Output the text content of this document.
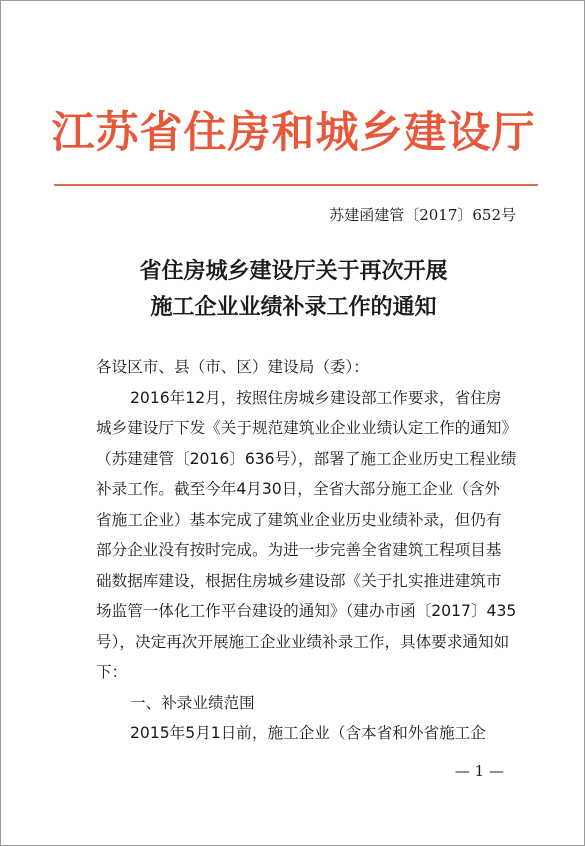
江苏省住房和城乡建设厅
苏建函建管〔2017〕652号
省住房城乡建设厅关于再次开展
施工企业业绩补录工作的通知
各设区市、县（市、区）建设局（委）：
2016年12月，按照住房城乡建设部工作要求，省住房
城乡建设厅下发《关于规范建筑业企业业绩认定工作的通知》
（苏建建管〔2016〕636号），部署了施工企业历史工程业绩
补录工作。截至今年4月30日，全省大部分施工企业（含外
省施工企业）基本完成了建筑业企业历史业绩补录，但仍有
部分企业没有按时完成。为进一步完善全省建筑工程项目基
础数据库建设，根据住房城乡建设部《关于扎实推进建筑市
场监管一体化工作平台建设的通知》（建办市函〔2017〕435
号），决定再次开展施工企业业绩补录工作，具体要求通知如
下：
一、补录业绩范围
2015年5月1日前，施工企业（含本省和外省施工企
— 1 —
